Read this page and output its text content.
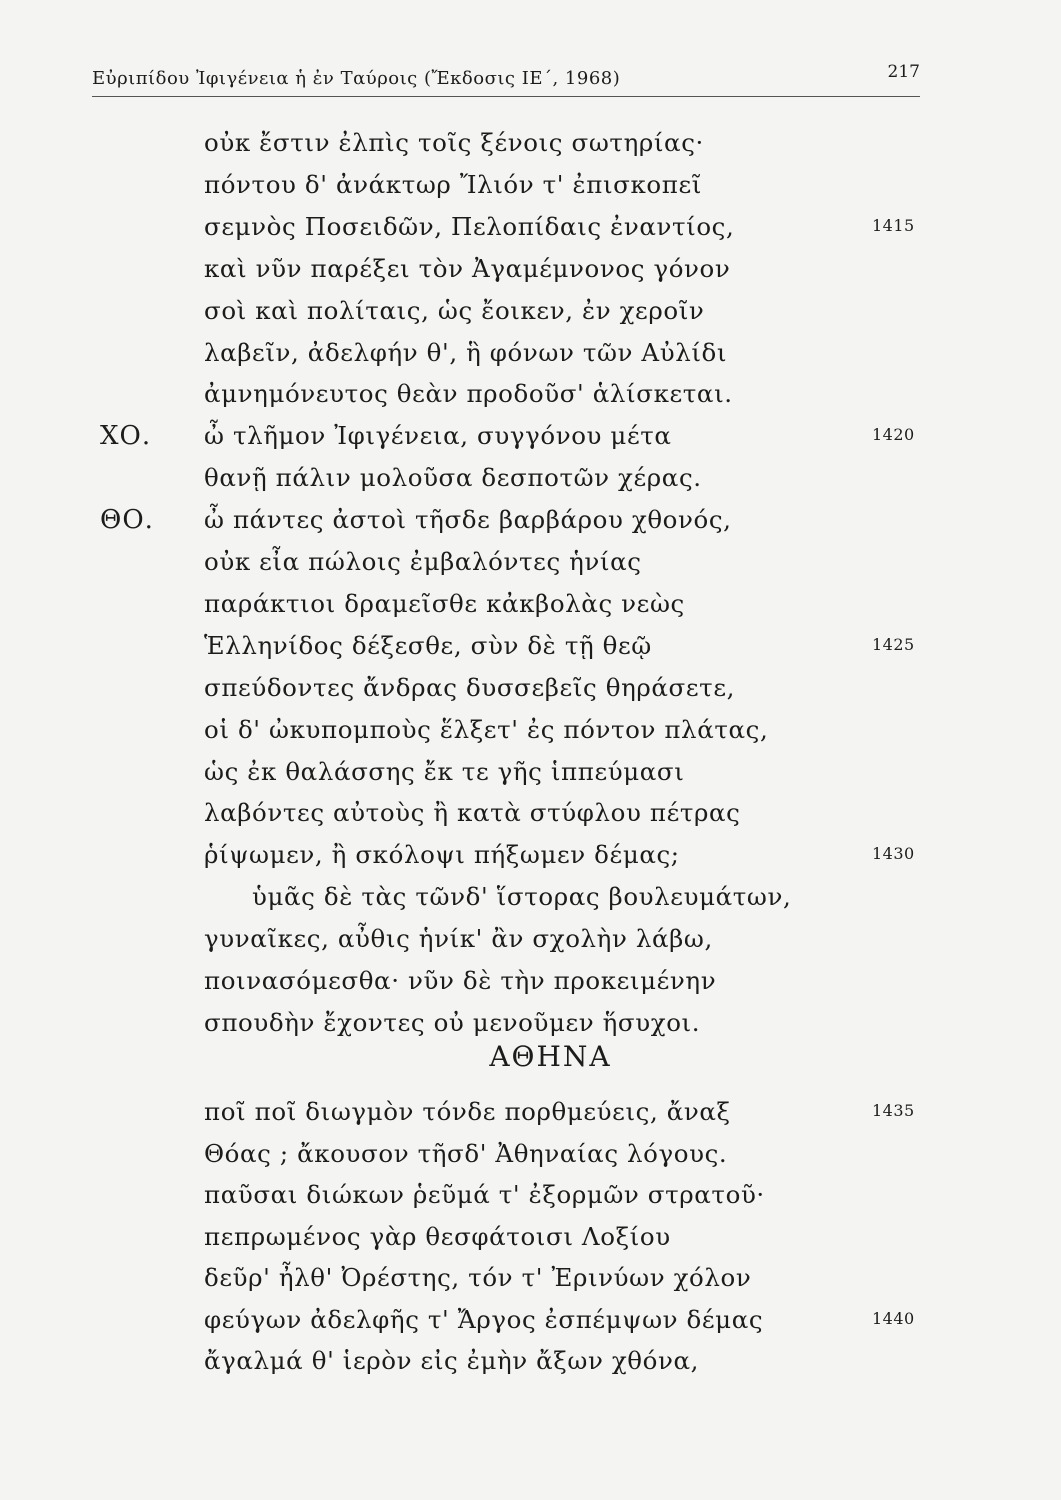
Εὐριπίδου Ἰφιγένεια ἡ ἐν Ταύροις (Ἔκδοσις ΙΕ΄, 1968)	217
οὐκ ἔστιν ἐλπὶς τοῖς ξένοις σωτηρίας·
πόντου δ' ἀνάκτωρ Ἴλιόν τ' ἐπισκοπεῖ
σεμνὸς Ποσειδῶν, Πελοπίδαις ἐναντίος,	1415
καὶ νῦν παρέξει τὸν Ἀγαμέμνονος γόνον
σοὶ καὶ πολίταις, ὡς ἔοικεν, ἐν χεροῖν
λαβεῖν, ἀδελφήν θ', ἣ φόνων τῶν Αὐλίδι
ἀμνημόνευτος θεὰν προδοῦσ' ἁλίσκεται.
ΧΟ. ὦ τλῆμον Ἰφιγένεια, συγγόνου μέτα	1420
θανῇ πάλιν μολοῦσα δεσποτῶν χέρας.
ΘΟ. ὦ πάντες ἀστοὶ τῆσδε βαρβάρου χθονός,
οὐκ εἶα πώλοις ἐμβαλόντες ἡνίας
παράκτιοι δραμεῖσθε κἀκβολὰς νεὼς
Ἑλληνίδος δέξεσθε, σὺν δὲ τῇ θεῷ	1425
σπεύδοντες ἄνδρας δυσσεβεῖς θηράσετε,
οἱ δ' ὠκυπομποὺς ἕλξετ' ἐς πόντον πλάτας,
ὡς ἐκ θαλάσσης ἔκ τε γῆς ἱππεύμασι
λαβόντες αὐτοὺς ἢ κατὰ στύφλου πέτρας
ῥίψωμεν, ἢ σκόλοψι πήξωμεν δέμας;	1430
ὑμᾶς δὲ τὰς τῶνδ' ἵστορας βουλευμάτων,
γυναῖκες, αὖθις ἡνίκ' ἂν σχολὴν λάβω,
ποινασόμεσθα· νῦν δὲ τὴν προκειμένην
σπουδὴν ἔχοντες οὐ μενοῦμεν ἥσυχοι.
ΑΘΗΝΑ
ποῖ ποῖ διωγμὸν τόνδε πορθμεύεις, ἄναξ	1435
Θόας ; ἄκουσον τῆσδ' Ἀθηναίας λόγους.
παῦσαι διώκων ῥεῦμά τ' ἐξορμῶν στρατοῦ·
πεπρωμένος γὰρ θεσφάτοισι Λοξίου
δεῦρ' ἦλθ' Ὀρέστης, τόν τ' Ἐρινύων χόλον
φεύγων ἀδελφῆς τ' Ἄργος ἐσπέμψων δέμας	1440
ἄγαλμά θ' ἱερὸν εἰς ἐμὴν ἄξων χθόνα,
